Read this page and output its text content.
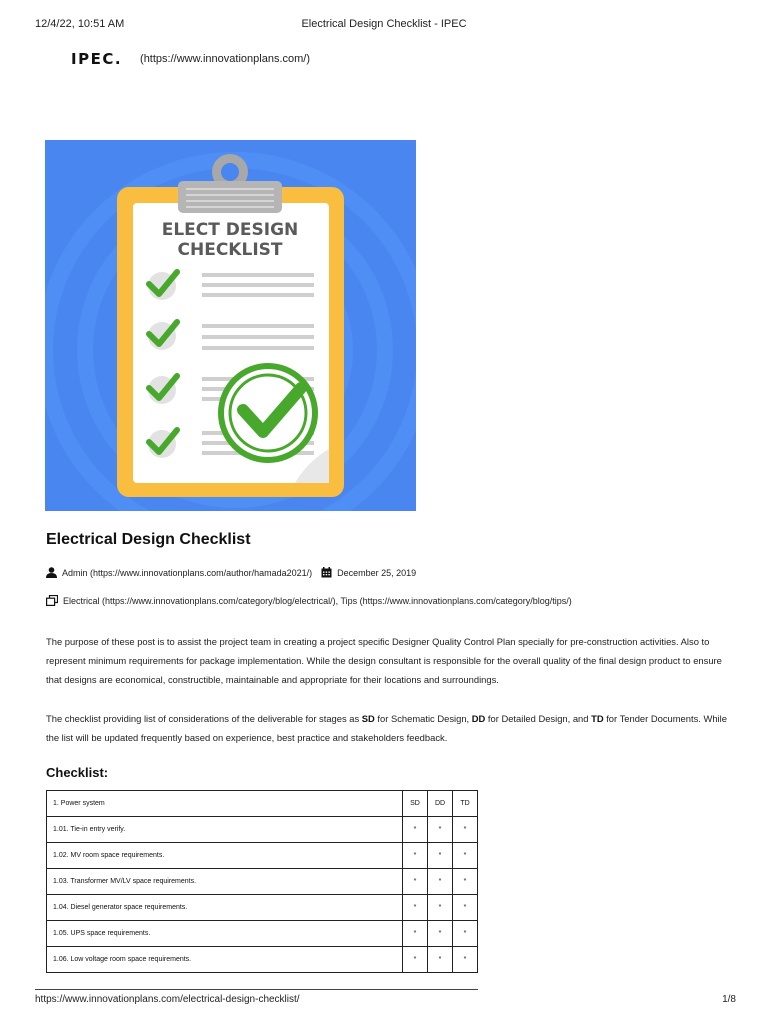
12/4/22, 10:51 AM	Electrical Design Checklist - IPEC
IPEC. (https://www.innovationplans.com/)
ELECT DESIGN
CHECKLIST
Electrical Design Checklist
Admin (https://www.innovationplans.com/author/hamada2021/)	December 25, 2019
Electrical (https://www.innovationplans.com/category/blog/electrical/), Tips (https://www.innovationplans.com/category/blog/tips/)
The purpose of these post is to assist the project team in creating a project specific Designer Quality Control Plan specially for pre-construction activities. Also to represent minimum requirements for package implementation. While the design consultant is responsible for the overall quality of the final design product to ensure that designs are economical, constructible, maintainable and appropriate for their locations and surroundings.
The checklist providing list of considerations of the deliverable for stages as SD for Schematic Design, DD for Detailed Design, and TD for Tender Documents. While the list will be updated frequently based on experience, best practice and stakeholders feedback.
Checklist:
1. Power system	SD	DD	TD
1.01. Tie-in entry verify.	*	*	*
1.02. MV room space requirements.	*	*	*
1.03. Transformer MV/LV space requirements.	*	*	*
1.04. Diesel generator space requirements.	*	*	*
1.05. UPS space requirements.	*	*	*
1.06. Low voltage room space requirements.	*	*	*
https://www.innovationplans.com/electrical-design-checklist/	1/8
